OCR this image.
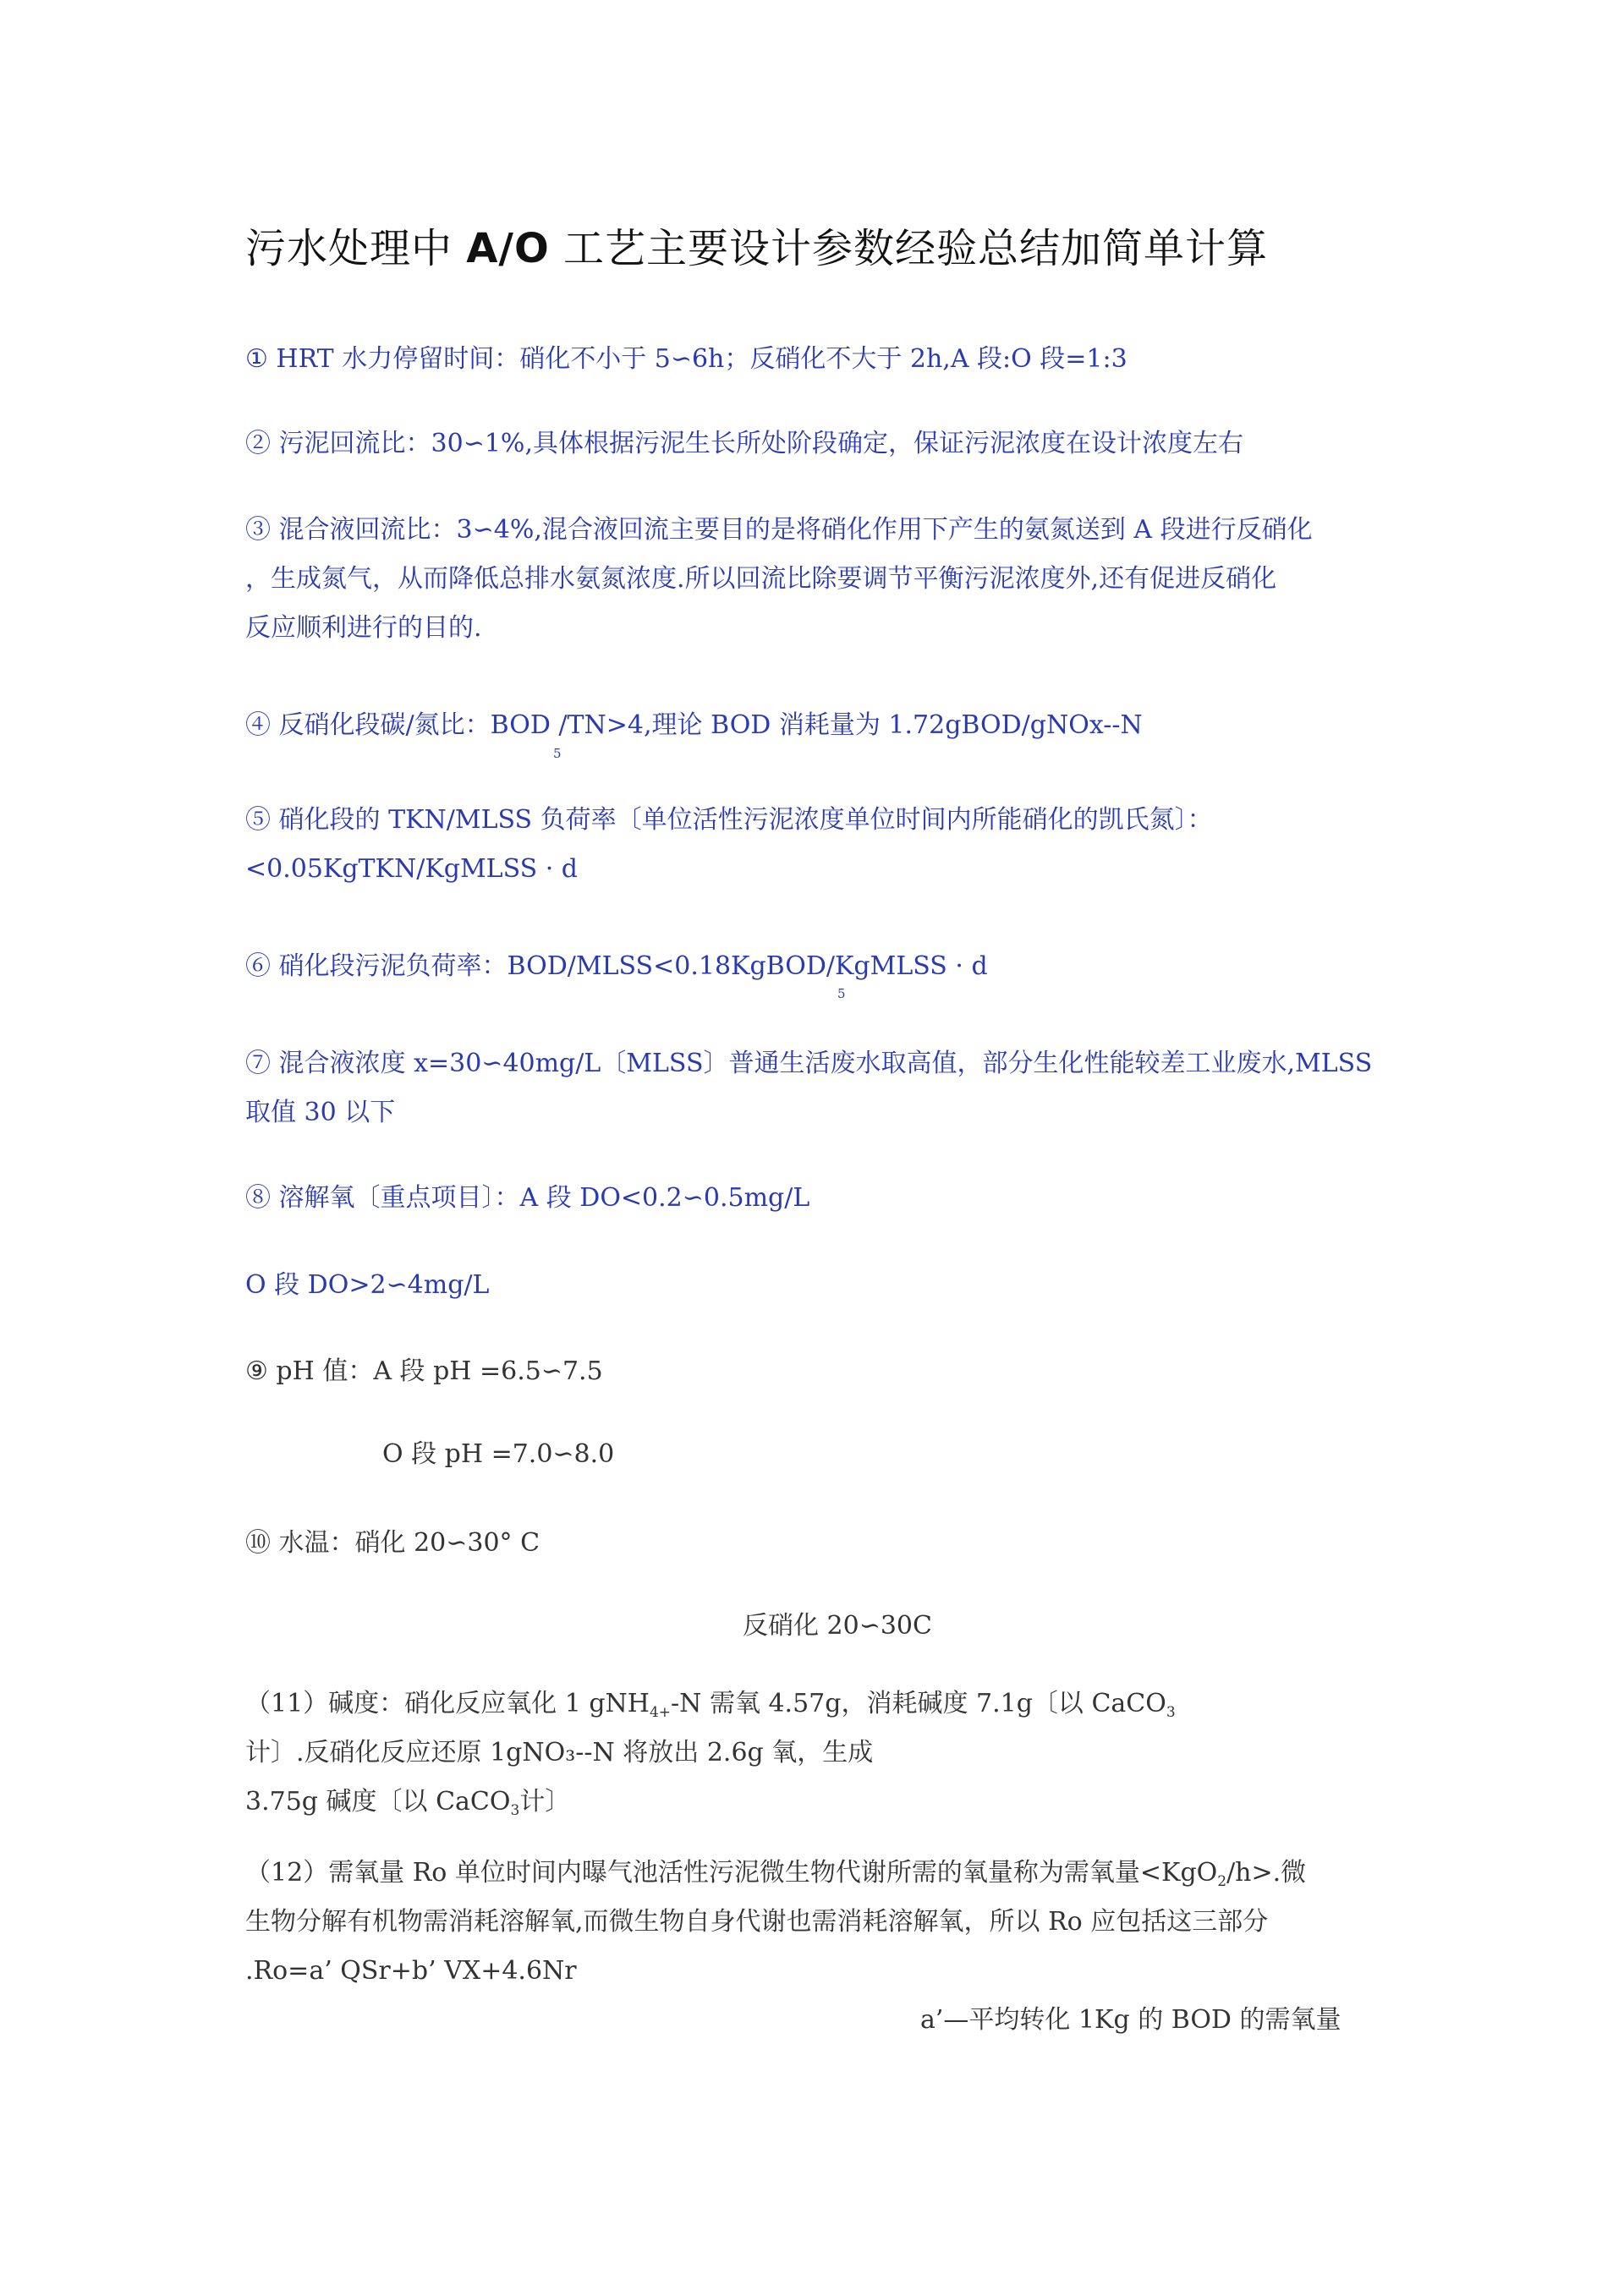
污水处理中 A/O 工艺主要设计参数经验总结加简单计算
① HRT 水力停留时间：硝化不小于 5∽6h；反硝化不大于 2h,A 段:O 段=1:3
② 污泥回流比：30∽1%,具体根据污泥生长所处阶段确定，保证污泥浓度在设计浓度左右
③ 混合液回流比：3∽4%,混合液回流主要目的是将硝化作用下产生的氨氮送到 A 段进行反硝化
，生成氮气，从而降低总排水氨氮浓度.所以回流比除要调节平衡污泥浓度外,还有促进反硝化
反应顺利进行的目的.
④ 反硝化段碳/氮比：BOD /TN>4,理论 BOD 消耗量为 1.72gBOD/gNOx--N
5
⑤ 硝化段的 TKN/MLSS 负荷率〔单位活性污泥浓度单位时间内所能硝化的凯氏氮〕：
<0.05KgTKN/KgMLSS · d
⑥ 硝化段污泥负荷率：BOD/MLSS<0.18KgBOD/KgMLSS · d
5
⑦ 混合液浓度 x=30∽40mg/L〔MLSS〕普通生活废水取高值，部分生化性能较差工业废水,MLSS
取值 30 以下
⑧ 溶解氧〔重点项目〕：A 段 DO<0.2∽0.5mg/L
O 段 DO>2∽4mg/L
⑨ pH 值：A 段 pH =6.5∽7.5
O 段 pH =7.0∽8.0
⑩ 水温：硝化 20∽30° C
反硝化 20∽30C
（11）碱度：硝化反应氧化 1 gNH$_{4+}$-N 需氧 4.57g，消耗碱度 7.1g〔以 CaCO$_3$
计〕.反硝化反应还原 1gNO₃--N 将放出 2.6g 氧，生成
3.75g 碱度〔以 CaCO$_3$计〕
（12）需氧量 Ro 单位时间内曝气池活性污泥微生物代谢所需的氧量称为需氧量<KgO$_2$/h>.微
生物分解有机物需消耗溶解氧,而微生物自身代谢也需消耗溶解氧，所以 Ro 应包括这三部分
.Ro=a’ QSr+b’ VX+4.6Nr
a’—平均转化 1Kg 的 BOD 的需氧量
